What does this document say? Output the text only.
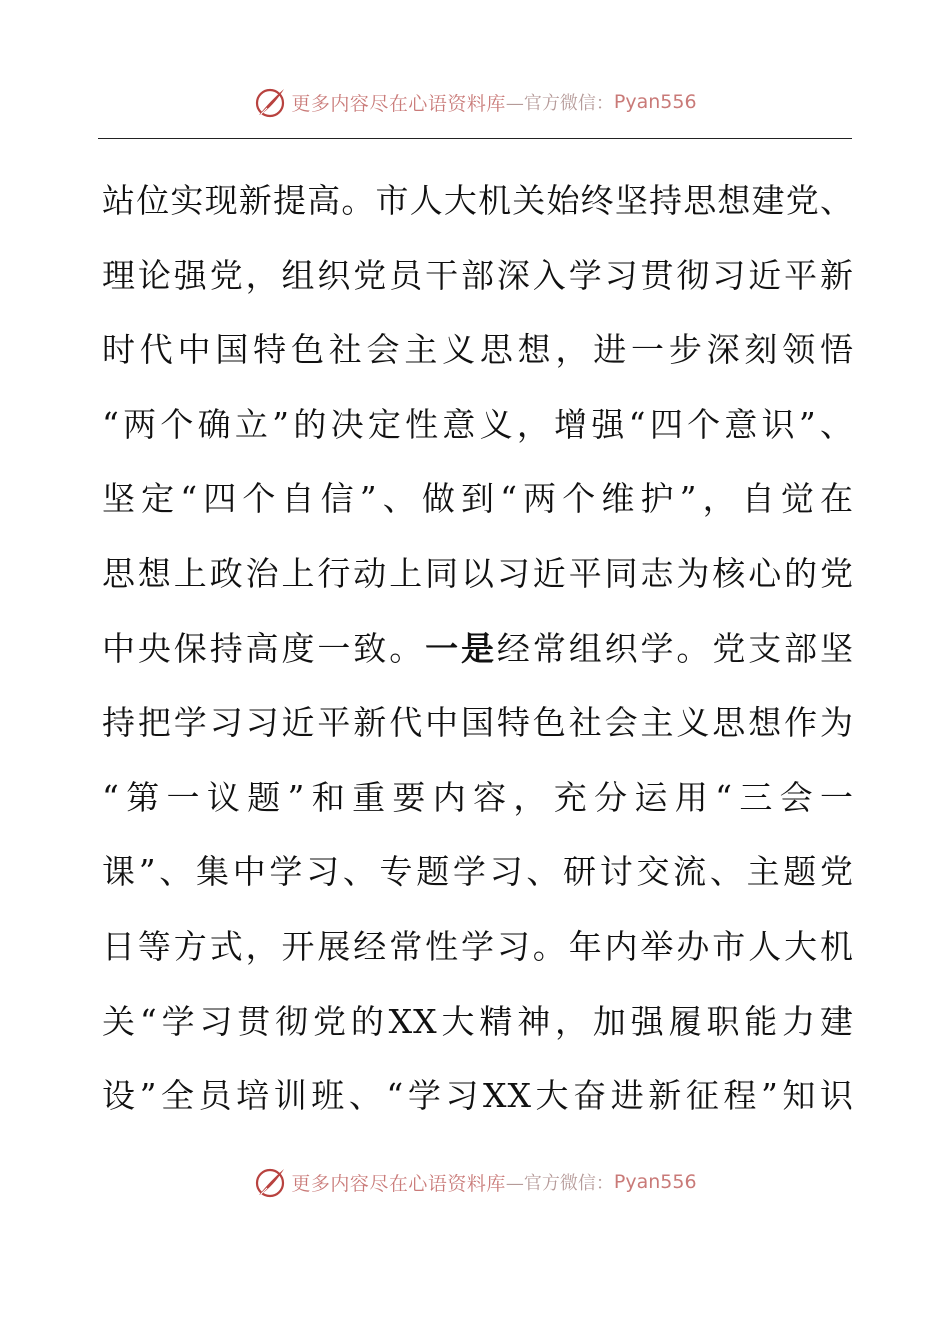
更多内容尽在心语资料库 —官方微信： Pyan556
站位实现新提高。市人大机关始终坚持思想建党、
理论强党，组织党员干部深入学习贯彻习近平新
时代中国特色社会主义思想，进一步深刻领悟
“两个确立”的决定性意义，增强“四个意识”、
坚定“四个自信”、做到“两个维护”，自觉在
思想上政治上行动上同以习近平同志为核心的党
中央保持高度一致。一是经常组织学。党支部坚
持把学习习近平新代中国特色社会主义思想作为
“第一议题”和重要内容，充分运用“三会一
课”、集中学习、专题学习、研讨交流、主题党
日等方式，开展经常性学习。年内举办市人大机
关“学习贯彻党的XX大精神，加强履职能力建
设”全员培训班、“学习XX大奋进新征程”知识
更多内容尽在心语资料库 —官方微信： Pyan556
